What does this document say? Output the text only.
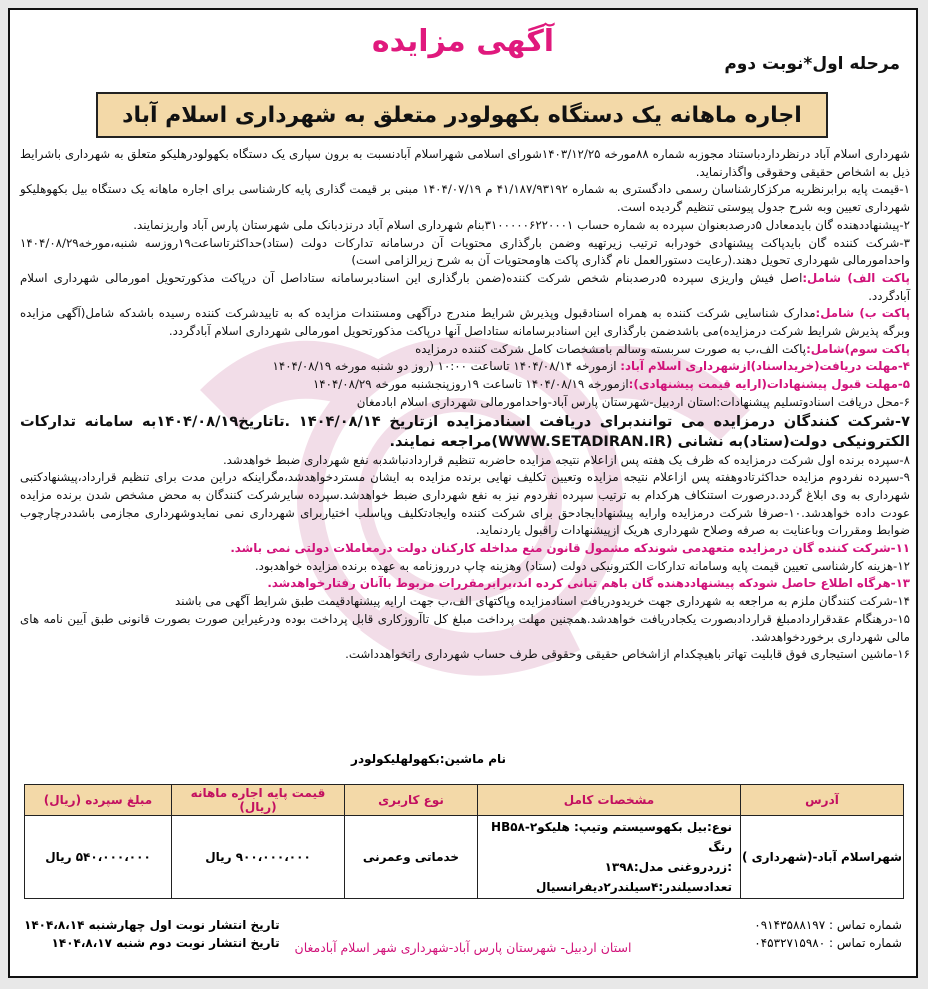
آگهی مزایده
مرحله اول*نوبت دوم
اجاره ماهانه یک دستگاه بکهولودر متعلق به شهرداری اسلام آباد

شهرداری اسلام آباد درنظرداردباستناد مجوزبه شماره ۸۸مورخه ۱۴۰۳/۱۲/۲۵شورای اسلامی شهراسلام آبادنسبت به برون سپاری یک دستگاه بکهولودرهلیکو متعلق به شهرداری باشرایط ذیل به اشخاص حقیقی وحقوقی واگذارنماید.

۱-قیمت پایه برابرنظریه مرکزکارشناسان رسمی دادگستری به شماره ۴۱/۱۸۷/۹۳۱۹۲ م ۱۴۰۴/۰۷/۱۹ مبنی بر قیمت گذاری پایه کارشناسی برای اجاره ماهانه یک دستگاه بیل بکهوهلیکو شهرداری تعیین وبه شرح جدول پیوستی تنظیم گردیده است.

۲-پیشنهاددهنده گان بایدمعادل ۵درصدبعنوان سپرده به شماره حساب ۳۱۰۰۰۰۰۶۲۲۰۰۰۱بنام شهرداری اسلام آباد درنزدبانک ملی شهرستان پارس آباد واریزنمایند.

۳-شرکت کننده گان بایدپاکت پیشنهادی خودرابه ترتیب زیرتهیه وضمن بارگذاری محتویات آن درسامانه تدارکات دولت (ستاد)حداکثرتاساعت۱۹روزسه شنبه،مورخه۱۴۰۴/۰۸/۲۹ واحدامورمالی شهرداری تحویل دهند.(رعایت دستورالعمل نام گذاری پاکت هاومحتویات آن به شرح زیرالزامی است)

پاکت الف) شامل:اصل فیش واریزی سپرده ۵درصدبنام شخص شرکت کننده(ضمن بارگذاری این اسنادبرسامانه ستاداصل آن درپاکت مذکورتحویل امورمالی شهرداری اسلام آبادگردد.

پاکت ب) شامل:مدارک شناسایی شرکت کننده به همراه اسنادقبول وپذیرش شرایط مندرج درآگهی ومستندات مزایده که به تاییدشرکت کننده رسیده باشدکه شامل(آگهی مزایده وبرگه پذیرش شرایط شرکت درمزایده)می باشدضمن بارگذاری این اسنادبرسامانه ستاداصل آنها درپاکت مذکورتحویل امورمالی شهرداری اسلام آبادگردد.

پاکت سوم)شامل:پاکت الف،ب به صورت سربسته وسالم بامشخصات کامل شرکت کننده درمزایده

۴-مهلت دریافت(خریداسناد)ازشهرداری اسلام آباد: ازمورخه ۱۴۰۴/۰۸/۱۴ تاساعت ۱۰:۰۰ (روز دو شنبه مورخه ۱۴۰۴/۰۸/۱۹

۵-مهلت قبول پیشنهادات(ارایه قیمت پیشنهادی):ازمورخه ۱۴۰۴/۰۸/۱۹ تاساعت ۱۹روزپنجشنبه مورخه ۱۴۰۴/۰۸/۲۹

۶-محل دریافت اسنادوتسلیم پیشنهادات:استان اردبیل-شهرستان پارس آباد-واحدامورمالی شهرداری اسلام ابادمغان

۷-شرکت کنندگان درمزایده می توانندبرای دریافت اسنادمزایده ازتاریخ ۱۴۰۴/۰۸/۱۴ .تاتاریخ۱۴۰۴/۰۸/۱۹به سامانه تدارکات الکترونیکی دولت(ستاد)به نشانی (WWW.SETADIRAN.IR)مراجعه نمایند.

۸-سپرده برنده اول شرکت درمزایده که ظرف یک هفته پس ازاعلام نتیجه مزایده حاضربه تنظیم قراردادنباشدبه نفع شهرداری ضبط خواهدشد.

۹-سپرده نفردوم مزایده حداکثرتادوهفته پس ازاعلام نتیجه مزایده وتعیین تکلیف نهایی برنده مزایده به ایشان مستردخواهدشد،مگراینکه دراین مدت برای تنظیم قرارداد،پیشنهادکتبی شهرداری به وی ابلاغ گردد.درصورت استنکاف هرکدام به ترتیب سپرده نفردوم نیز به نفع شهرداری ضبط خواهدشد.سپرده سایرشرکت کنندگان به محض مشخص شدن برنده مزایده عودت داده خواهدشد.۱۰-صرفا شرکت درمزایده وارایه پیشنهادایجادحق برای شرکت کننده وایجادتکلیف وپاسلب اختیاربرای شهرداری نمی نمایدوشهرداری مجازمی باشددرچارچوب ضوابط ومقررات وباعنایت به صرفه وصلاح شهرداری هریک ازپیشنهادات راقبول یاردنماید.

۱۱-شرکت کننده گان درمزایده متعهدمی شوندکه مشمول قانون منع مداخله کارکنان دولت درمعاملات دولتی نمی باشد.

۱۲-هزینه کارشناسی تعیین قیمت پایه وسامانه تدارکات الکترونیکی دولت (ستاد) وهزینه چاپ درروزنامه به عهده برنده مزایده خواهدبود.

۱۳-هرگاه اطلاع حاصل شودکه پیشنهاددهنده گان باهم تبانی کرده اند،برابرمقررات مربوط باآنان رفتارخواهدشد.

۱۴-شرکت کنندگان ملزم به مراجعه به شهرداری جهت خریدودریافت اسنادمزایده وپاکتهای الف،ب جهت ارایه پیشنهادقیمت طبق شرایط آگهی می باشند

۱۵-درهنگام عقدقراردادمبلغ قراردادبصورت یکجادریافت خواهدشد.همچنین مهلت پرداخت مبلغ کل تاآروزکاری قابل پرداخت بوده ودرغیراین صورت بصورت قانونی طبق آیین نامه های مالی شهرداری برخوردخواهدشد.

۱۶-ماشین استیجاری فوق قابلیت تهاتر باهیچکدام ازاشخاص حقیقی وحقوقی طرف حساب شهرداری راتخواهدداشت.

نام ماشین:بکهولهلیکولودر
آدرس	مشخصات کامل	نوع کاربری	قیمت پایه اجاره ماهانه (ریال)	مبلغ سپرده (ریال)
شهراسلام آباد-(شهرداری )	نوع:بیل بکهوسیستم وتیپ: هلیکو۲-HB۵۸ رنگ
:زردروغنی مدل:۱۳۹۸
تعدادسیلندر:۴سیلندر۲دیفرانسیال	خدماتی وعمرنی	۹۰۰،۰۰۰،۰۰۰ ریال	۵۴۰،۰۰۰،۰۰۰ ریال
تاریخ انتشار نوبت اول چهارشنبه ۱۴۰۴،۸،۱۴
تاریخ انتشار نوبت دوم شنبه ۱۴۰۴،۸،۱۷
شماره تماس : ۰۹۱۴۳۵۸۸۱۹۷
شماره تماس : ۰۴۵۳۲۷۱۵۹۸۰
استان اردبیل- شهرستان پارس آباد-شهرداری شهر اسلام آبادمغان
